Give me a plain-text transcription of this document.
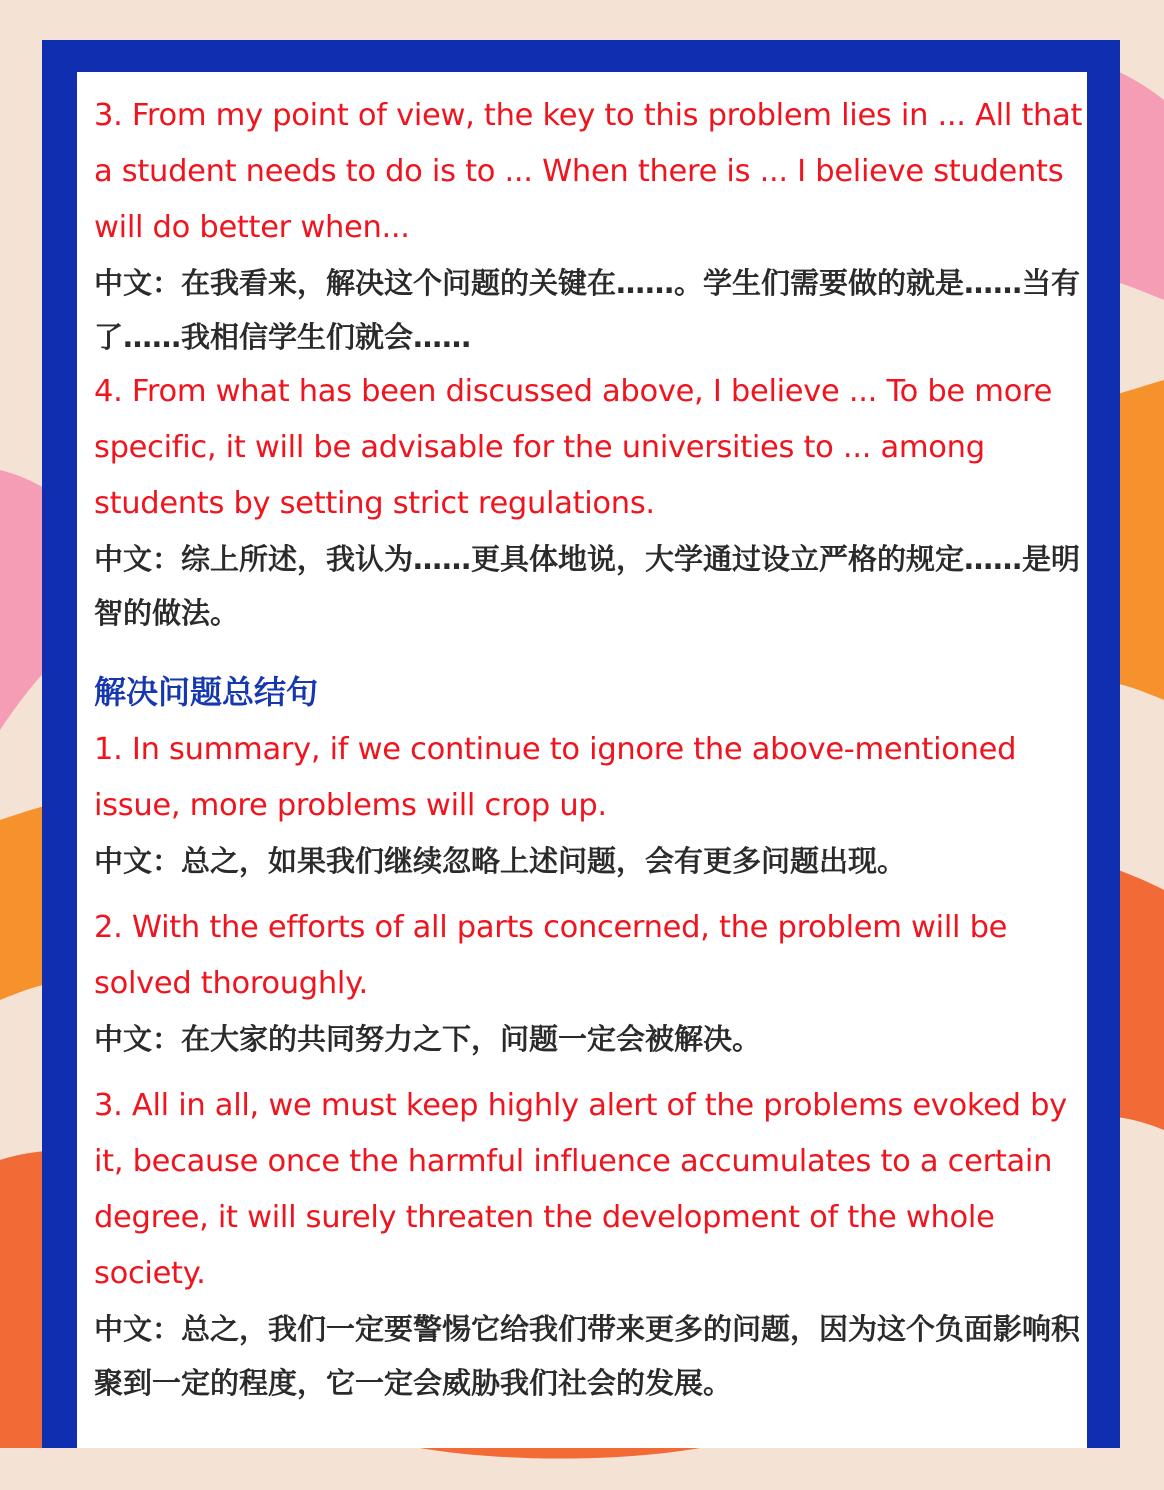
3. From my point of view, the key to this problem lies in ... All that a student needs to do is to ... When there is ... I believe students will do better when...

中文：在我看来，解决这个问题的关键在……。学生们需要做的就是……当有了……我相信学生们就会……

4. From what has been discussed above, I believe ... To be more specific, it will be advisable for the universities to ... among students by setting strict regulations.

中文：综上所述，我认为……更具体地说，大学通过设立严格的规定……是明智的做法。

解决问题总结句

1. In summary, if we continue to ignore the above-mentioned issue, more problems will crop up.

中文：总之，如果我们继续忽略上述问题，会有更多问题出现。

2. With the efforts of all parts concerned, the problem will be solved thoroughly.

中文：在大家的共同努力之下，问题一定会被解决。

3. All in all, we must keep highly alert of the problems evoked by it, because once the harmful influence accumulates to a certain degree, it will surely threaten the development of the whole society.

中文：总之，我们一定要警惕它给我们带来更多的问题，因为这个负面影响积聚到一定的程度，它一定会威胁我们社会的发展。
